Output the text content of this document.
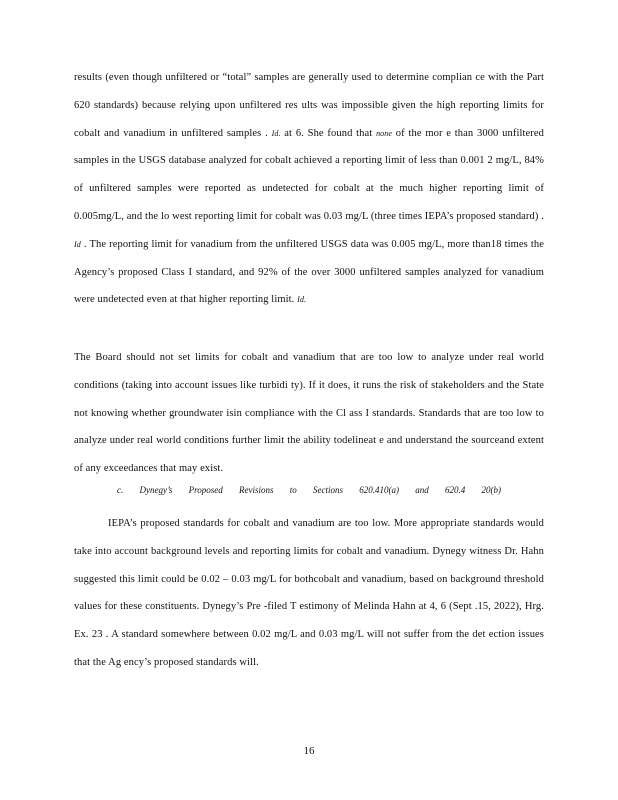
results (even though unfiltered or “total” samples are generally used to determine complian ce with the Part 620 standards) because relying upon unfiltered res ults was impossible given the high reporting limits for cobalt and vanadium in unfiltered samples . Id. at 6. She found that none of the mor e than 3000 unfiltered samples in the USGS database analyzed for cobalt achieved a reporting limit of less than 0.001 2 mg/L, 84% of unfiltered samples were reported as undetected for cobalt at the much higher reporting limit of 0.005mg/L, and the lo west reporting limit for cobalt was 0.03 mg/L (three times IEPA’s proposed standard) . Id . The reporting limit for vanadium from the unfiltered USGS data was 0.005 mg/L, more than18 times the Agency’s proposed Class I standard, and 92% of the over 3000 unfiltered samples analyzed for vanadium were undetected even at that higher reporting limit. Id.
The Board should not set limits for cobalt and vanadium that are too low to analyze under real world conditions (taking into account issues like turbidi ty). If it does, it runs the risk of stakeholders and the State not knowing whether groundwater isin compliance with the Cl ass I standards. Standards that are too low to analyze under real world conditions further limit the ability todelineat e and understand the sourceand extent of any exceedances that may exist.
c. Dynegy’s Proposed Revisions to Sections 620.410(a) and 620.4 20(b)
IEPA’s proposed standards for cobalt and vanadium are too low. More appropriate standards would take into account background levels and reporting limits for cobalt and vanadium. Dynegy witness Dr. Hahn suggested this limit could be 0.02 – 0.03 mg/L for bothcobalt and vanadium, based on background threshold values for these constituents. Dynegy’s Pre -filed T estimony of Melinda Hahn at 4, 6 (Sept .15, 2022), Hrg. Ex. 23 . A standard somewhere between 0.02 mg/L and 0.03 mg/L will not suffer from the det ection issues that the Ag ency’s proposed standards will.
16
